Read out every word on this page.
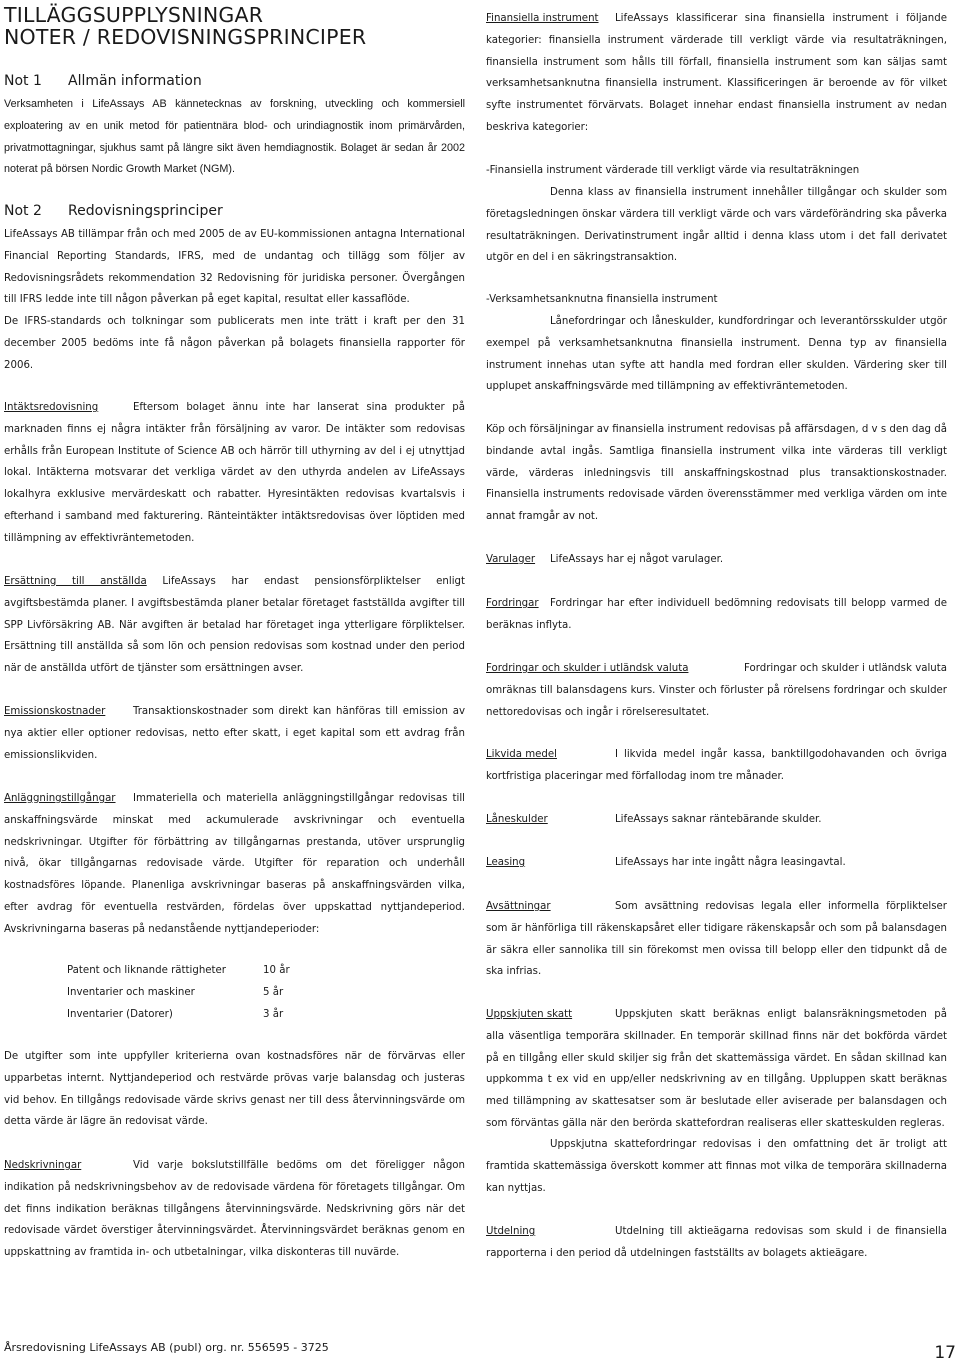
TILLÄGGSUPPLYSNINGAR
NOTER / REDOVISNINGSPRINCIPER
Not 1 Allmän information
Verksamheten i LifeAssays AB kännetecknas av forskning, utveckling och kommersiell exploatering av en unik metod för patientnära blod- och urindiagnostik inom primärvården, privatmottagningar, sjukhus samt på längre sikt även hemdiagnostik. Bolaget är sedan år 2002 noterat på börsen Nordic Growth Market (NGM).
Not 2 Redovisningsprinciper
LifeAssays AB tillämpar från och med 2005 de av EU-kommissionen antagna International Financial Reporting Standards, IFRS, med de undantag och tillägg som följer av Redovisningsrådets rekommendation 32 Redovisning för juridiska personer. Övergången till IFRS ledde inte till någon påverkan på eget kapital, resultat eller kassaflöde.
De IFRS-standards och tolkningar som publicerats men inte trätt i kraft per den 31 december 2005 bedöms inte få någon påverkan på bolagets finansiella rapporter för 2006.
Intäktsredovisning	Eftersom bolaget ännu inte har lanserat sina produkter på marknaden finns ej några intäkter från försäljning av varor. De intäkter som redovisas erhålls från European Institute of Science AB och härrör till uthyrning av del i ej utnyttjad lokal. Intäkterna motsvarar det verkliga värdet av den uthyrda andelen av LifeAssays lokalhyra exklusive mervärdeskatt och rabatter. Hyresintäkten redovisas kvartalsvis i efterhand i samband med fakturering. Ränteintäkter intäktsredovisas över löptiden med tillämpning av effektivräntemetoden.
Ersättning till anställda LifeAssays har endast pensionsförpliktelser enligt avgiftsbestämda planer. I avgiftsbestämda planer betalar företaget fastställda avgifter till SPP Livförsäkring AB. När avgiften är betalad har företaget inga ytterligare förpliktelser. Ersättning till anställda så som lön och pension redovisas som kostnad under den period när de anställda utfört de tjänster som ersättningen avser.
Emissionskostnader	Transaktionskostnader som direkt kan hänföras till emission av nya aktier eller optioner redovisas, netto efter skatt, i eget kapital som ett avdrag från emissionslikviden.
Anläggningstillgångar Immateriella och materiella anläggningstillgångar redovisas till anskaffningsvärde minskat med ackumulerade avskrivningar och eventuella nedskrivningar. Utgifter för förbättring av tillgångarnas prestanda, utöver ursprunglig nivå, ökar tillgångarnas redovisade värde. Utgifter för reparation och underhåll kostnadsföres löpande. Planenliga avskrivningar baseras på anskaffningsvärden vilka, efter avdrag för eventuella restvärden, fördelas över uppskattad nyttjandeperiod. Avskrivningarna baseras på nedanstående nyttjandeperioder:
Patent och liknande rättigheter	10 år
Inventarier och maskiner	5 år
Inventarier (Datorer)	3 år
De utgifter som inte uppfyller kriterierna ovan kostnadsföres när de förvärvas eller upparbetas internt. Nyttjandeperiod och restvärde prövas varje balansdag och justeras vid behov. En tillgångs redovisade värde skrivs genast ner till dess återvinningsvärde om detta värde är lägre än redovisat värde.
Nedskrivningar	Vid varje bokslutstillfälle bedöms om det föreligger någon indikation på nedskrivningsbehov av de redovisade värdena för företagets tillgångar. Om det finns indikation beräknas tillgångens återvinningsvärde. Nedskrivning görs när det redovisade värdet överstiger återvinningsvärdet. Återvinningsvärdet beräknas genom en uppskattning av framtida in- och utbetalningar, vilka diskonteras till nuvärde.
Finansiella instrument LifeAssays klassificerar sina finansiella instrument i följande kategorier: finansiella instrument värderade till verkligt värde via resultaträkningen, finansiella instrument som hålls till förfall, finansiella instrument som kan säljas samt verksamhetsanknutna finansiella instrument. Klassificeringen är beroende av för vilket syfte instrumentet förvärvats. Bolaget innehar endast finansiella instrument av nedan beskriva kategorier:
-Finansiella instrument värderade till verkligt värde via resultaträkningen
Denna klass av finansiella instrument innehåller tillgångar och skulder som företagsledningen önskar värdera till verkligt värde och vars värdeförändring ska påverka resultaträkningen. Derivatinstrument ingår alltid i denna klass utom i det fall derivatet utgör en del i en säkringstransaktion.
-Verksamhetsanknutna finansiella instrument
Lånefordringar och låneskulder, kundfordringar och leverantörsskulder utgör exempel på verksamhetsanknutna finansiella instrument. Denna typ av finansiella instrument innehas utan syfte att handla med fordran eller skulden. Värdering sker till upplupet anskaffningsvärde med tillämpning av effektivräntemetoden.
Köp och försäljningar av finansiella instrument redovisas på affärsdagen, d v s den dag då bindande avtal ingås. Samtliga finansiella instrument vilka inte värderas till verkligt värde, värderas inledningsvis till anskaffningskostnad plus transaktionskostnader. Finansiella instruments redovisade värden överensstämmer med verkliga värden om inte annat framgår av not.
Varulager LifeAssays har ej något varulager.
Fordringar Fordringar har efter individuell bedömning redovisats till belopp varmed de beräknas inflyta.
Fordringar och skulder i utländsk valuta	Fordringar och skulder i utländsk valuta omräknas till balansdagens kurs. Vinster och förluster på rörelsens fordringar och skulder nettoredovisas och ingår i rörelseresultatet.
Likvida medel	I likvida medel ingår kassa, banktillgodohavanden och övriga kortfristiga placeringar med förfallodag inom tre månader.
Låneskulder	LifeAssays saknar räntebärande skulder.
Leasing	LifeAssays har inte ingått några leasingavtal.
Avsättningar	Som avsättning redovisas legala eller informella förpliktelser som är hänförliga till räkenskapsåret eller tidigare räkenskapsår och som på balansdagen är säkra eller sannolika till sin förekomst men ovissa till belopp eller den tidpunkt då de ska infrias.
Uppskjuten skatt	Uppskjuten skatt beräknas enligt balansräkningsmetoden på alla väsentliga temporära skillnader. En temporär skillnad finns när det bokförda värdet på en tillgång eller skuld skiljer sig från det skattemässiga värdet. En sådan skillnad kan uppkomma t ex vid en upp/eller nedskrivning av en tillgång. Uppluppen skatt beräknas med tillämpning av skattesatser som är beslutade eller aviserade per balansdagen och som förväntas gälla när den berörda skattefordran realiseras eller skatteskulden regleras.
Uppskjutna skattefordringar redovisas i den omfattning det är troligt att framtida skattemässiga överskott kommer att finnas mot vilka de temporära skillnaderna kan nyttjas.
Utdelning	Utdelning till aktieägarna redovisas som skuld i de finansiella rapporterna i den period då utdelningen fastställts av bolagets aktieägare.
Årsredovisning LifeAssays AB (publ) org. nr. 556595 - 3725	17
